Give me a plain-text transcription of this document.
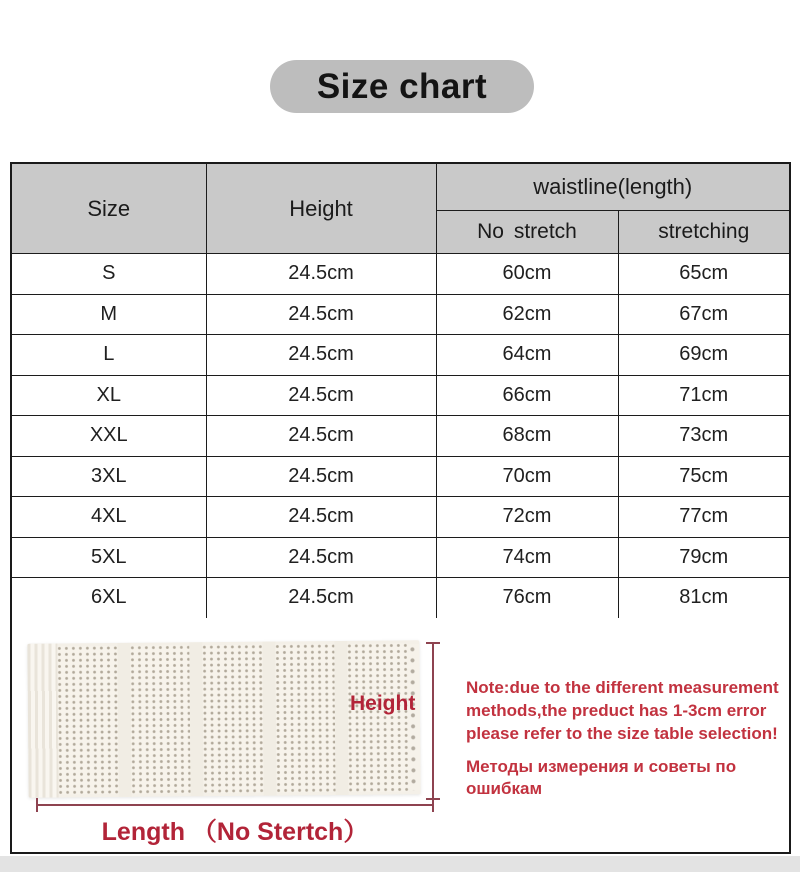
Size chart
Size	Height	waistline(length)	
		No stretch	stretching
S	24.5cm	60cm	65cm
M	24.5cm	62cm	67cm
L	24.5cm	64cm	69cm
XL	24.5cm	66cm	71cm
XXL	24.5cm	68cm	73cm
3XL	24.5cm	70cm	75cm
4XL	24.5cm	72cm	77cm
5XL	24.5cm	74cm	79cm
6XL	24.5cm	76cm	81cm
Height
Length （No Stertch）
Note:due to the different measurement
methods,the preduct has 1-3cm error
please refer to the size table selection!
Методы измерения и советы по ошибкам
